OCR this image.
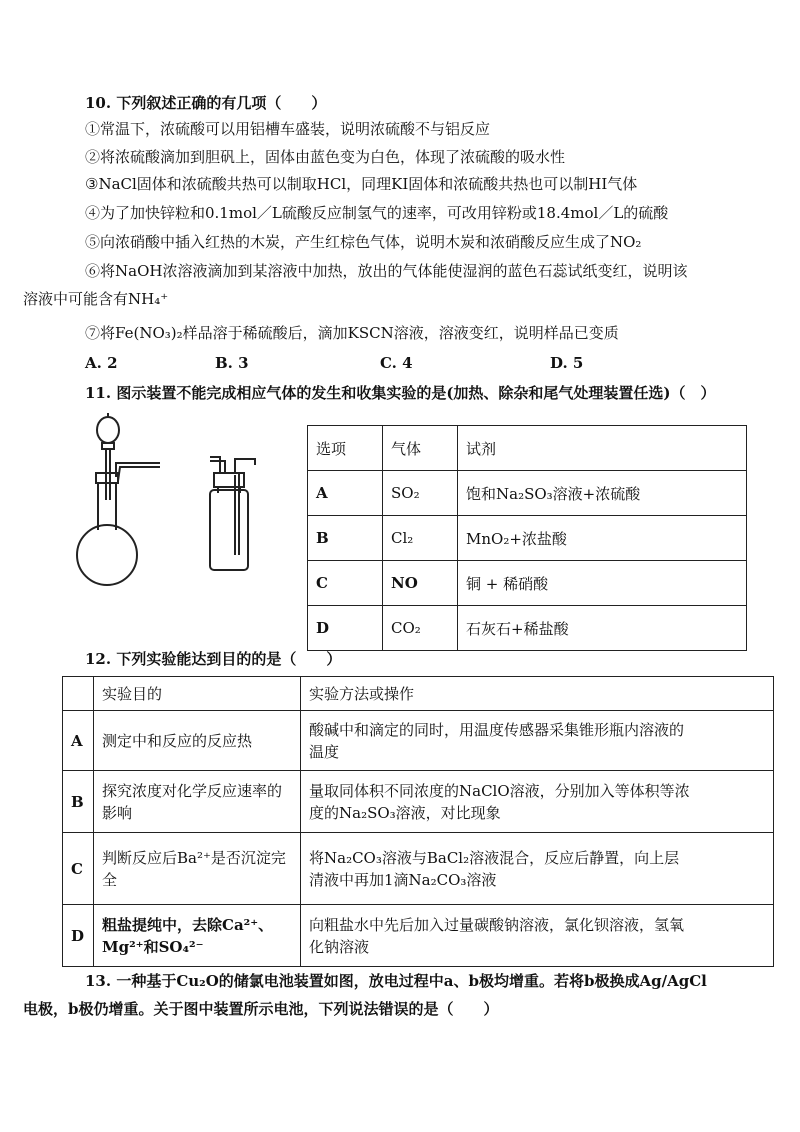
10. 下列叙述正确的有几项（　　）
①常温下，浓硫酸可以用铝槽车盛装，说明浓硫酸不与铝反应
②将浓硫酸滴加到胆矾上，固体由蓝色变为白色，体现了浓硫酸的吸水性
③NaCl固体和浓硫酸共热可以制取HCl，同理KI固体和浓硫酸共热也可以制HI气体
④为了加快锌粒和0.1mol／L硫酸反应制氢气的速率，可改用锌粉或18.4mol／L的硫酸
⑤向浓硝酸中插入红热的木炭，产生红棕色气体，说明木炭和浓硝酸反应生成了NO₂
⑥将NaOH浓溶液滴加到某溶液中加热，放出的气体能使湿润的蓝色石蕊试纸变红，说明该
溶液中可能含有NH₄⁺
⑦将Fe(NO₃)₂样品溶于稀硫酸后，滴加KSCN溶液，溶液变红，说明样品已变质
A. 2	B. 3	C. 4	D. 5
11. 图示装置不能完成相应气体的发生和收集实验的是(加热、除杂和尾气处理装置任选)（　）
选项	气体	试剂
A	SO₂	饱和Na₂SO₃溶液+浓硫酸
B	Cl₂	MnO₂+浓盐酸
C	NO	铜 + 稀硝酸
D	CO₂	石灰石+稀盐酸
12. 下列实验能达到目的的是（　　）
	实验目的	实验方法或操作
A	测定中和反应的反应热	酸碱中和滴定的同时，用温度传感器采集锥形瓶内溶液的
温度

B	探究浓度对化学反应速率的影响	量取同体积不同浓度的NaClO溶液，分别加入等体积等浓
度的Na₂SO₃溶液，对比现象

C	判断反应后Ba²⁺是否沉淀完全	将Na₂CO₃溶液与BaCl₂溶液混合，反应后静置，向上层
清液中再加1滴Na₂CO₃溶液

D	粗盐提纯中，去除Ca²⁺、Mg²⁺和SO₄²⁻	向粗盐水中先后加入过量碳酸钠溶液，氯化钡溶液，氢氧
化钠溶液
13. 一种基于Cu₂O的储氯电池装置如图，放电过程中a、b极均增重。若将b极换成Ag/AgCl
电极，b极仍增重。关于图中装置所示电池，下列说法错误的是（　　）
